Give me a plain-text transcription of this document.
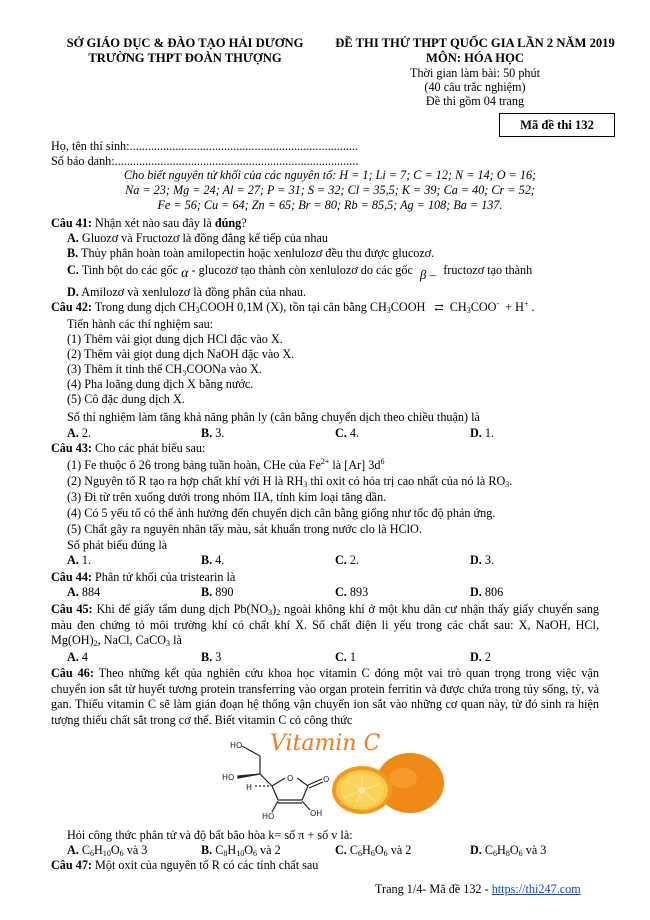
SỞ GIÁO DỤC & ĐÀO TẠO HẢI DƯƠNG
TRƯỜNG THPT ĐOÀN THƯỢNG
ĐỀ THI THỬ THPT QUỐC GIA LẦN 2 NĂM 2019
MÔN: HÓA HỌC
Thời gian làm bài: 50 phút
(40 câu trắc nghiệm)
Đề thi gồm 04 trang
Mã đề thi 132
Họ, tên thí sinh:...........................................................................
Số báo danh:................................................................................
Cho biết nguyên tử khối của các nguyên tố: H = 1; Li = 7; C = 12; N = 14; O = 16;
Na = 23; Mg = 24; Al = 27; P = 31; S = 32; Cl = 35,5; K = 39; Ca = 40; Cr = 52;
Fe = 56; Cu = 64; Zn = 65; Br = 80; Rb = 85,5; Ag = 108; Ba = 137.
Câu 41: Nhận xét nào sau đây là đúng?
A. Gluozơ và Fructozơ là đồng đẳng kế tiếp của nhau
B. Thủy phân hoàn toàn amilopectin hoặc xenlulozơ đều thu được glucozơ.
C. Tinh bột do các gốc α - glucozơ tạo thành còn xenlulozơ do các gốc β – fructozơ tạo thành
D. Amilozơ và xenlulozơ là đồng phân của nhau.
Câu 42: Trong dung dịch $CH_3COOH$ 0,1M (X), tồn tại cân bằng $CH_3COOH$ ⇄ $CH_3COO^- + H^+$ .
Tiến hành các thí nghiệm sau:
(1) Thêm vài giọt dung dịch HCl đặc vào X.
(2) Thêm vài giọt dung dịch NaOH đặc vào X.
(3) Thêm ít tinh thể CH₃COONa vào X.
(4) Pha loãng dung dịch X bằng nước.
(5) Cô đặc dung dịch X.
Số thí nghiệm làm tăng khả năng phân ly (cân bằng chuyển dịch theo chiều thuận) là
A. 2.	B. 3.	C. 4.	D. 1.
Câu 43: Cho các phát biểu sau:
(1) Fe thuộc ô 26 trong bảng tuần hoàn, CHe của $Fe^{2+}$ là [Ar] $3d^6$
(2) Nguyên tố R tạo ra hợp chất khí với H là $RH_3$ thì oxit có hóa trị cao nhất của nó là $RO_3$.
(3) Đi từ trên xuống dưới trong nhóm IIA, tính kim loại tăng dần.
(4) Có 5 yếu tố có thể ảnh hưởng đến chuyển dịch cân bằng giống như tốc độ phản ứng.
(5) Chất gây ra nguyên nhân tẩy màu, sát khuẩn trong nước clo là HClO.
Số phát biểu đúng là
A. 1.	B. 4.	C. 2.	D. 3.
Câu 44: Phân tử khối của tristearin là
A. 884	B. 890	C. 893	D. 806
Câu 45: Khi để giấy tẩm dung dịch $Pb(NO_3)_2$ ngoài không khí ở một khu dân cư nhận thấy giấy chuyển sang màu đen chứng tỏ môi trường khí có chất khí X. Số chất điện li yếu trong các chất sau: X, NaOH, HCl, $Mg(OH)_2$, NaCl, CaCO$_3$ là
A. 4	B. 3	C. 1	D. 2
Câu 46: Theo những kết qủa nghiên cứu khoa học vitamin C đóng một vai trò quan trọng trong việc vận chuyển ion sắt từ huyết tương protein transferring vào organ protein ferritin và được chứa trong tủy sống, tỳ, và gan. Thiếu vitamin C sẽ làm gián đoạn hệ thống vận chuyển ion sắt vào những cơ quan này, từ đó sinh ra hiện tượng thiếu chất sắt trong cơ thể. Biết vitamin C có công thức
Vitamin C
HO
HO
H
O	O
HO	OH
Hỏi công thức phân tử và độ bất bão hòa k= số π + số v là:
A. $C_6H_{10}O_6$ và 3	B. $C_8H_{10}O_6$ và 2	C. $C_6H_6O_6$ và 2	D. $C_6H_8O_6$ và 3
Câu 47: Một oxit của nguyên tố R có các tính chất sau
Trang 1/4- Mã đề 132 - https://thi247.com
